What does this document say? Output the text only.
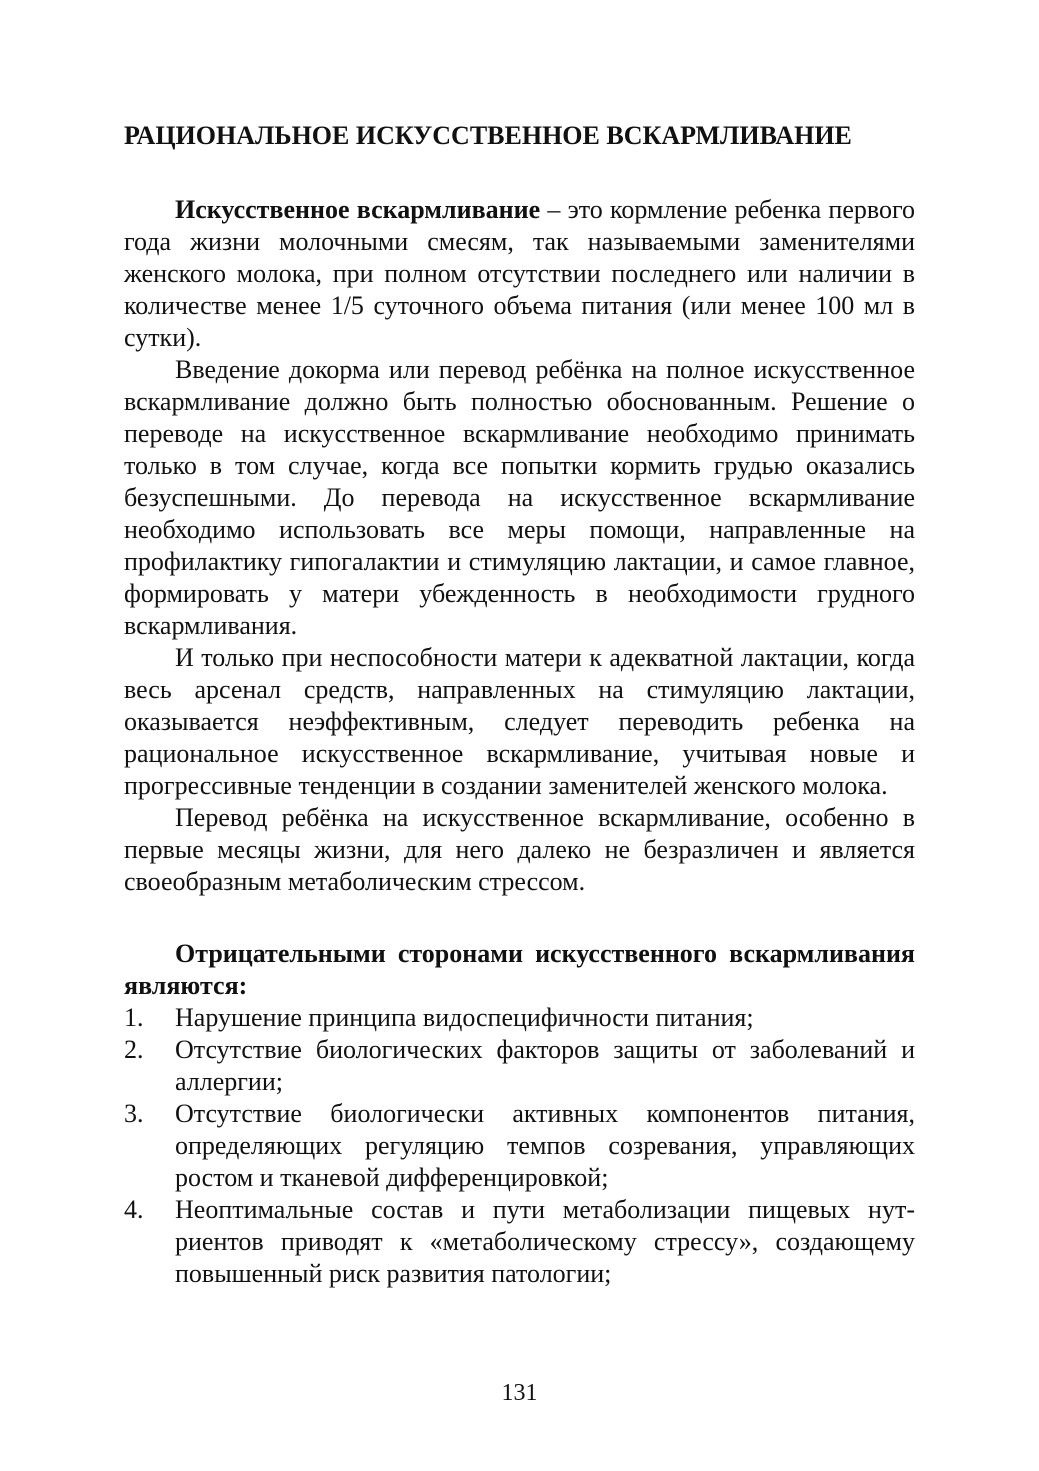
РАЦИОНАЛЬНОЕ ИСКУССТВЕННОЕ ВСКАРМЛИВАНИЕ

Искусственное вскармливание – это кормление ребенка первого года жизни молочными смесям, так называемыми заменителями женского молока, при полном отсутствии последнего или наличии в количестве менее 1/5 суточного объема питания (или менее 100 мл в сутки).

Введение докорма или перевод ребёнка на полное искусственное вскармливание должно быть полностью обоснованным. Решение о переводе на искусственное вскармливание необходимо принимать только в том случае, когда все попытки кормить грудью оказались безуспешными. До перевода на искусственное вскармливание необходимо использовать все меры помощи, направленные на профилактику гипогалактии и стимуляцию лактации, и самое главное, формировать у матери убежденность в необходимости грудного вскармливания.

И только при неспособности матери к адекватной лактации, когда весь арсенал средств, направленных на стимуляцию лактации, оказывается неэффективным, следует переводить ребенка на рациональное искусственное вскармливание, учитывая новые и прогрессивные тенденции в создании заменителей женского молока.

Перевод ребёнка на искусственное вскармливание, особенно в первые месяцы жизни, для него далеко не безразличен и является своеобразным метаболическим стрессом.

Отрицательными сторонами искусственного вскармливания являются:

1.	Нарушение принципа видоспецифичности питания;
2.	Отсутствие биологических факторов защиты от заболеваний и аллергии;
3.	Отсутствие биологически активных компонентов питания, определяющих регуляцию темпов созревания, управляющих ростом и тканевой дифференцировкой;
4.	Неоптимальные состав и пути метаболизации пищевых нутриентов приводят к «метаболическому стрессу», создающему повышенный риск развития патологии;
131
